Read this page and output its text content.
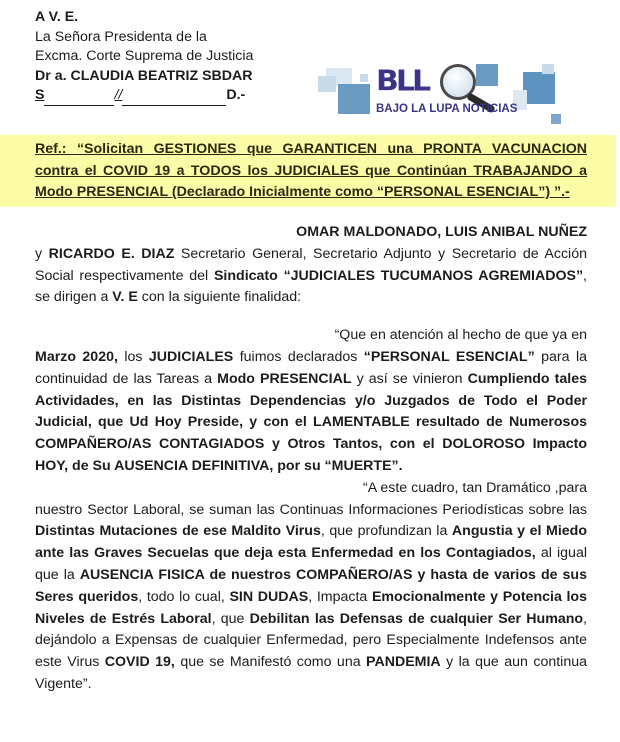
A V. E.
La Señora Presidenta de la
Excma. Corte Suprema de Justicia
Dr a. CLAUDIA BEATRIZ SBDAR
S	//	D.-	BLL
BAJO LA LUPA NOTICIAS
Ref.: “Solicitan GESTIONES que GARANTICEN una PRONTA VACUNACION contra el COVID 19 a TODOS los JUDICIALES que Continúan TRABAJANDO a Modo PRESENCIAL (Declarado Inicialmente como “PERSONAL ESENCIAL”) ”.-

OMAR MALDONADO, LUIS ANIBAL NUÑEZ

y RICARDO E. DIAZ Secretario General, Secretario Adjunto y Secretario de Acción Social respectivamente del Sindicato “JUDICIALES TUCUMANOS AGREMIADOS”, se dirigen a V. E con la siguiente finalidad:

“Que en atención al hecho de que ya en

Marzo 2020, los JUDICIALES fuimos declarados “PERSONAL ESENCIAL” para la continuidad de las Tareas a Modo PRESENCIAL y así se vinieron Cumpliendo tales Actividades, en las Distintas Dependencias y/o Juzgados de Todo el Poder Judicial, que Ud Hoy Preside, y con el LAMENTABLE resultado de Numerosos COMPAÑERO/AS CONTAGIADOS y Otros Tantos, con el DOLOROSO Impacto HOY, de Su AUSENCIA DEFINITIVA, por su “MUERTE”.

“A este cuadro, tan Dramático ,para

nuestro Sector Laboral, se suman las Continuas Informaciones Periodísticas sobre las Distintas Mutaciones de ese Maldito Virus, que profundizan la Angustia y el Miedo ante las Graves Secuelas que deja esta Enfermedad en los Contagiados, al igual que la AUSENCIA FISICA de nuestros COMPAÑERO/AS y hasta de varios de sus Seres queridos, todo lo cual, SIN DUDAS, Impacta Emocionalmente y Potencia los Niveles de Estrés Laboral, que Debilitan las Defensas de cualquier Ser Humano, dejándolo a Expensas de cualquier Enfermedad, pero Especialmente Indefensos ante este Virus COVID 19, que se Manifestó como una PANDEMIA y la que aun continua Vigente”.
